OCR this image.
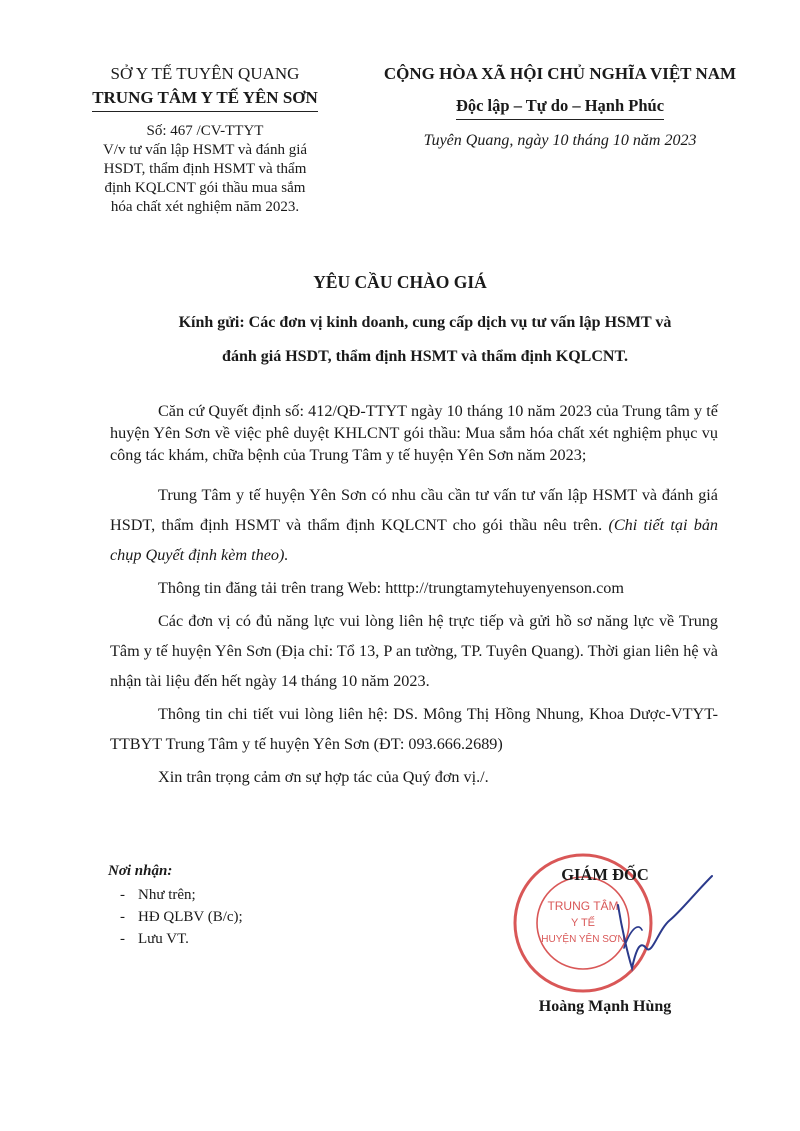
SỞ Y TẾ TUYÊN QUANG
TRUNG TÂM Y TẾ YÊN SƠN
Số: 467 /CV-TTYT
V/v tư vấn lập HSMT và đánh giá
HSDT, thẩm định HSMT và thẩm
định KQLCNT gói thầu mua sắm
hóa chất xét nghiệm năm 2023.
CỘNG HÒA XÃ HỘI CHỦ NGHĨA VIỆT NAM
Độc lập – Tự do – Hạnh Phúc
Tuyên Quang, ngày 10 tháng 10 năm 2023
YÊU CẦU CHÀO GIÁ
Kính gửi: Các đơn vị kinh doanh, cung cấp dịch vụ tư vấn lập HSMT và
đánh giá HSDT, thẩm định HSMT và thẩm định KQLCNT.

Căn cứ Quyết định số: 412/QĐ-TTYT ngày 10 tháng 10 năm 2023 của Trung tâm y tế huyện Yên Sơn về việc phê duyệt KHLCNT gói thầu: Mua sắm hóa chất xét nghiệm phục vụ công tác khám, chữa bệnh của Trung Tâm y tế huyện Yên Sơn năm 2023;

Trung Tâm y tế huyện Yên Sơn có nhu cầu cần tư vấn tư vấn lập HSMT và đánh giá HSDT, thẩm định HSMT và thẩm định KQLCNT cho gói thầu nêu trên. (Chi tiết tại bản chụp Quyết định kèm theo).

Thông tin đăng tải trên trang Web: htttp://trungtamytehuyenyenson.com

Các đơn vị có đủ năng lực vui lòng liên hệ trực tiếp và gửi hồ sơ năng lực về Trung Tâm y tế huyện Yên Sơn (Địa chỉ: Tổ 13, P an tường, TP. Tuyên Quang). Thời gian liên hệ và nhận tài liệu đến hết ngày 14 tháng 10 năm 2023.

Thông tin chi tiết vui lòng liên hệ: DS. Mông Thị Hồng Nhung, Khoa Dược-VTYT-TTBYT Trung Tâm y tế huyện Yên Sơn (ĐT: 093.666.2689)

Xin trân trọng cảm ơn sự hợp tác của Quý đơn vị./.

Nơi nhận:
- Như trên;
- HĐ QLBV (B/c);
- Lưu VT.
TRUNG TÂM
Y TẾ
HUYỆN YÊN SƠN
GIÁM ĐỐC
Hoàng Mạnh Hùng
